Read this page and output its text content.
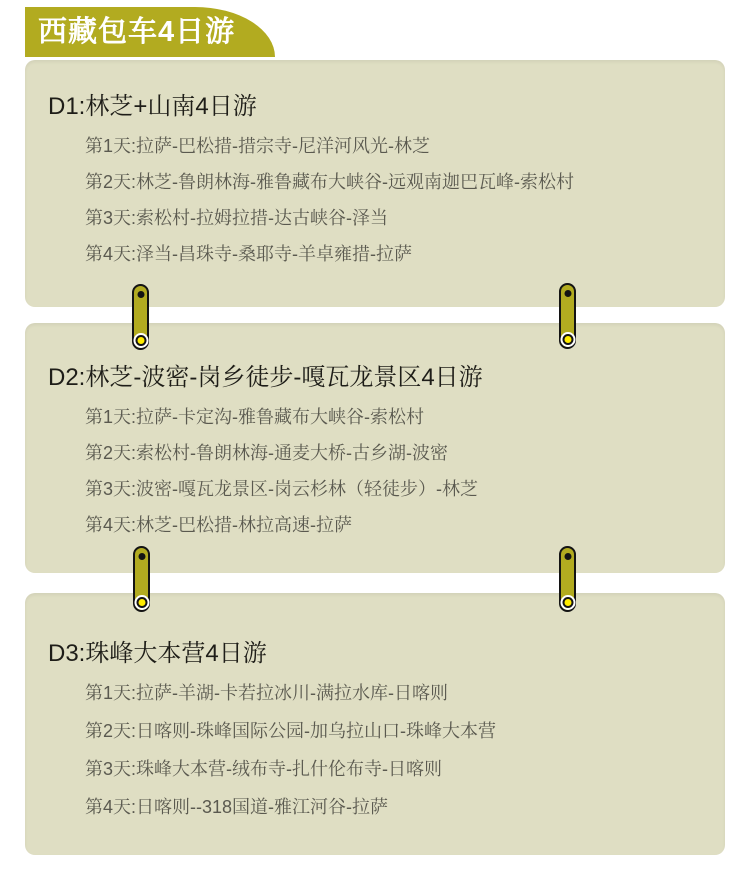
西藏包车4日游
D1:林芝+山南4日游
第1天:拉萨-巴松措-措宗寺-尼洋河风光-林芝
第2天:林芝-鲁朗林海-雅鲁藏布大峡谷-远观南迦巴瓦峰-索松村
第3天:索松村-拉姆拉措-达古峡谷-泽当
第4天:泽当-昌珠寺-桑耶寺-羊卓雍措-拉萨
D2:林芝-波密-岗乡徒步-嘎瓦龙景区4日游
第1天:拉萨-卡定沟-雅鲁藏布大峡谷-索松村
第2天:索松村-鲁朗林海-通麦大桥-古乡湖-波密
第3天:波密-嘎瓦龙景区-岗云杉林（轻徒步）-林芝
第4天:林芝-巴松措-林拉高速-拉萨
D3:珠峰大本营4日游
第1天:拉萨-羊湖-卡若拉冰川-满拉水库-日喀则
第2天:日喀则-珠峰国际公园-加乌拉山口-珠峰大本营
第3天:珠峰大本营-绒布寺-扎什伦布寺-日喀则
第4天:日喀则--318国道-雅江河谷-拉萨
